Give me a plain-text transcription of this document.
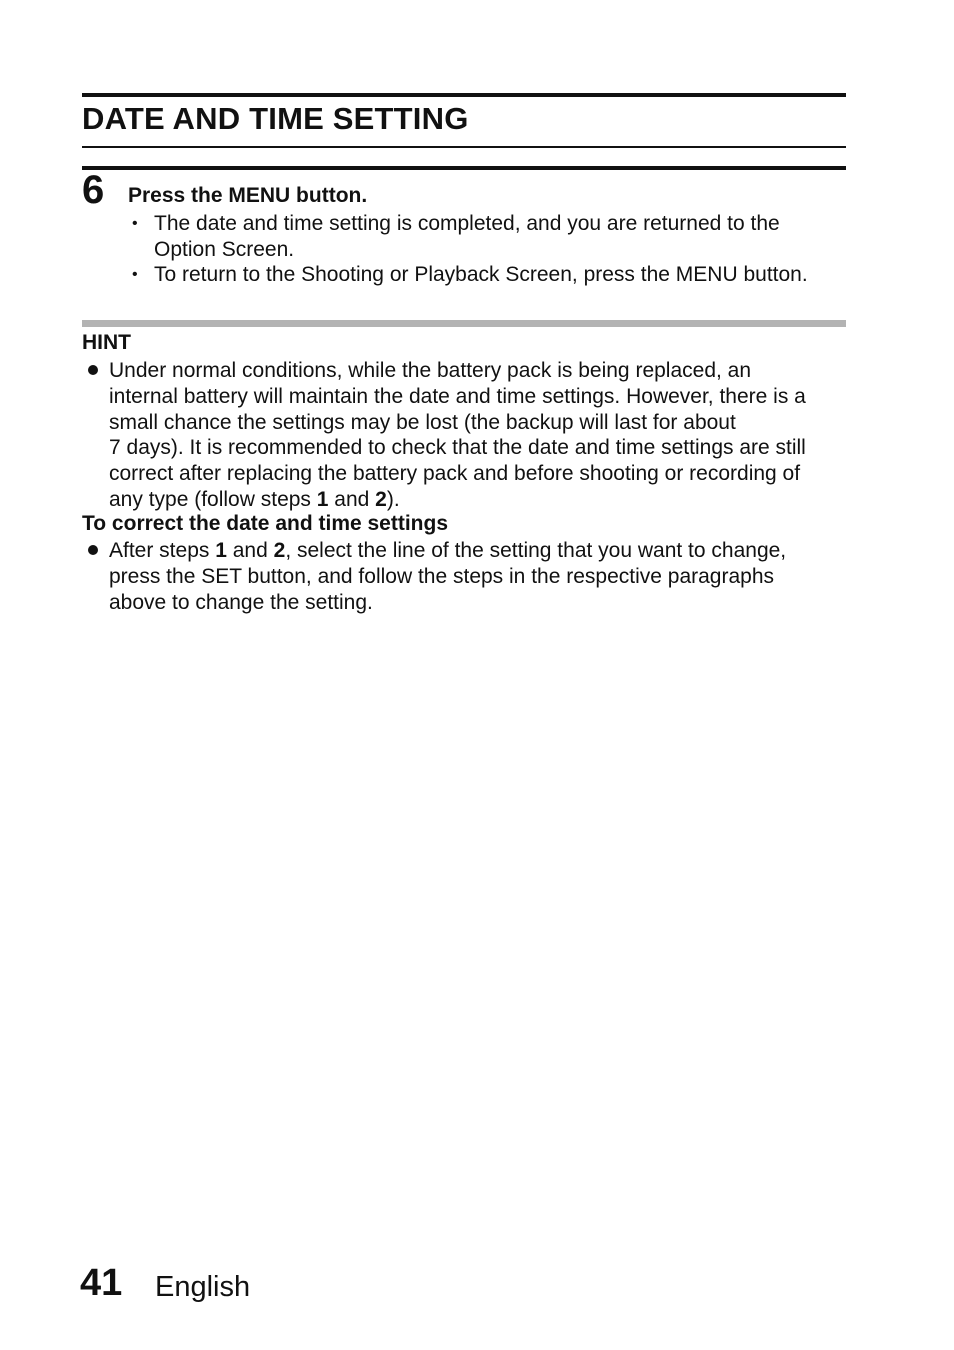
DATE AND TIME SETTING
6 Press the MENU button.
• The date and time setting is completed, and you are returned to the
Option Screen.
• To return to the Shooting or Playback Screen, press the MENU button.
HINT
Under normal conditions, while the battery pack is being replaced, an
internal battery will maintain the date and time settings. However, there is a
small chance the settings may be lost (the backup will last for about
7 days). It is recommended to check that the date and time settings are still
correct after replacing the battery pack and before shooting or recording of
any type (follow steps 1 and 2).
To correct the date and time settings
After steps 1 and 2, select the line of the setting that you want to change,
press the SET button, and follow the steps in the respective paragraphs
above to change the setting.
41 English
